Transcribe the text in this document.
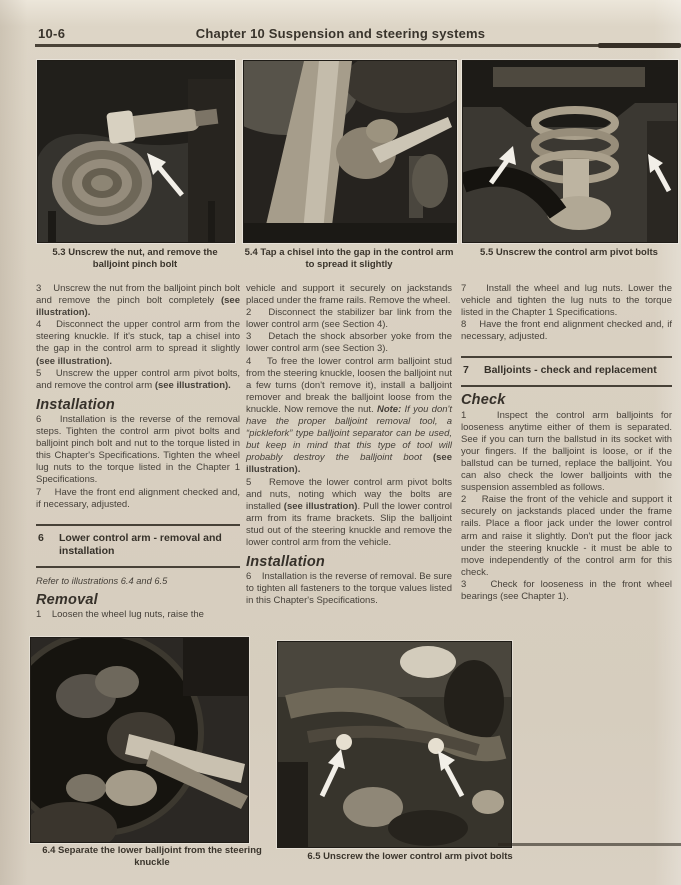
10-6	Chapter 10 Suspension and steering systems
5.3 Unscrew the nut, and remove the balljoint pinch bolt
5.4 Tap a chisel into the gap in the control arm to spread it slightly
5.5 Unscrew the control arm pivot bolts

3    Unscrew the nut from the balljoint pinch bolt and remove the pinch bolt completely (see illustration).

4    Disconnect the upper control arm from the steering knuckle. If it's stuck, tap a chisel into the gap in the control arm to spread it slightly (see illustration).

5    Unscrew the upper control arm pivot bolts, and remove the control arm (see illustration).

Installation

6    Installation is the reverse of the removal steps. Tighten the control arm pivot bolts and balljoint pinch bolt and nut to the torque listed in this Chapter's Specifications. Tighten the wheel lug nuts to the torque listed in the Chapter 1 Specifications.

7    Have the front end alignment checked and, if necessary, adjusted.

6	Lower control arm - removal and installation

Refer to illustrations 6.4 and 6.5

Removal

1    Loosen the wheel lug nuts, raise the

vehicle and support it securely on jackstands placed under the frame rails. Remove the wheel.

2    Disconnect the stabilizer bar link from the lower control arm (see Section 4).

3    Detach the shock absorber yoke from the lower control arm (see Section 3).

4    To free the lower control arm balljoint stud from the steering knuckle, loosen the balljoint nut a few turns (don't remove it), install a balljoint remover and break the balljoint loose from the knuckle. Now remove the nut. Note: If you don't have the proper balljoint removal tool, a “picklefork” type balljoint separator can be used, but keep in mind that this type of tool will probably destroy the balljoint boot (see illustration).

5    Remove the lower control arm pivot bolts and nuts, noting which way the bolts are installed (see illustration). Pull the lower control arm from its frame brackets. Slip the balljoint stud out of the steering knuckle and remove the lower control arm from the vehicle.

Installation

6    Installation is the reverse of removal. Be sure to tighten all fasteners to the torque values listed in this Chapter's Specifications.

7    Install the wheel and lug nuts. Lower the vehicle and tighten the lug nuts to the torque listed in the Chapter 1 Specifications.

8    Have the front end alignment checked and, if necessary, adjusted.

7	Balljoints - check and replacement
Check

1    Inspect the control arm balljoints for looseness anytime either of them is separated. See if you can turn the ballstud in its socket with your fingers. If the balljoint is loose, or if the ballstud can be turned, replace the balljoint. You can also check the lower balljoints with the suspension assembled as follows.

2    Raise the front of the vehicle and support it securely on jackstands placed under the frame rails. Place a floor jack under the lower control arm and raise it slightly. Don't put the floor jack under the steering knuckle - it must be able to move independently of the control arm for this check.

3    Check for looseness in the front wheel bearings (see Chapter 1).

6.4 Separate the lower balljoint from the steering knuckle	6.5 Unscrew the lower control arm pivot bolts
